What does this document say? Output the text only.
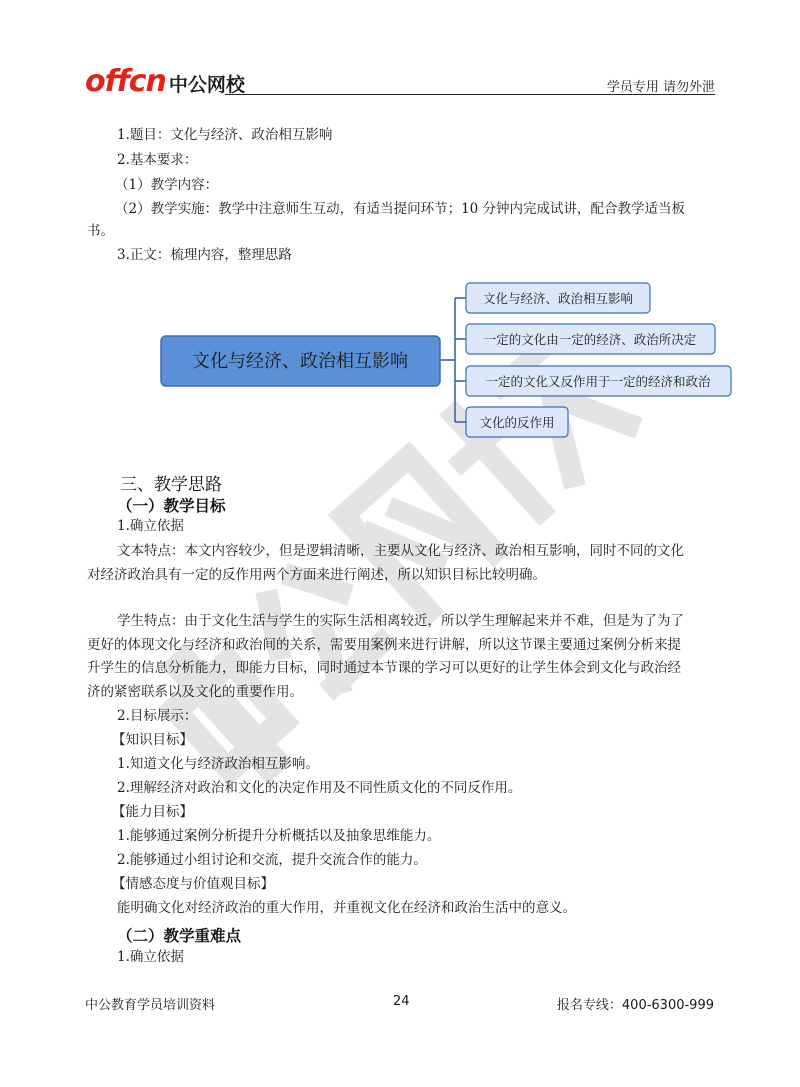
offcn 中公网校	学员专用 请勿外泄
1.题目：文化与经济、政治相互影响
2.基本要求：
（1）教学内容：
（2）教学实施：教学中注意师生互动，有适当提问环节；10 分钟内完成试讲，配合教学适当板
书。
3.正文：梳理内容，整理思路
文化与经济、政治相互影响
文化与经济、政治相互影响
一定的文化由一定的经济、政治所决定
一定的文化又反作用于一定的经济和政治
文化的反作用
三、教学思路
（一）教学目标
1.确立依据
文本特点：本文内容较少，但是逻辑清晰，主要从文化与经济、政治相互影响，同时不同的文化
对经济政治具有一定的反作用两个方面来进行阐述，所以知识目标比较明确。
学生特点：由于文化生活与学生的实际生活相离较近，所以学生理解起来并不难，但是为了为了
更好的体现文化与经济和政治间的关系，需要用案例来进行讲解，所以这节课主要通过案例分析来提
升学生的信息分析能力，即能力目标，同时通过本节课的学习可以更好的让学生体会到文化与政治经
济的紧密联系以及文化的重要作用。
2.目标展示：
【知识目标】
1.知道文化与经济政治相互影响。
2.理解经济对政治和文化的决定作用及不同性质文化的不同反作用。
【能力目标】
1.能够通过案例分析提升分析概括以及抽象思维能力。
2.能够通过小组讨论和交流，提升交流合作的能力。
【情感态度与价值观目标】
能明确文化对经济政治的重大作用，并重视文化在经济和政治生活中的意义。
（二）教学重难点
1.确立依据
中公教育学员培训资料	24	报名专线：400-6300-999
